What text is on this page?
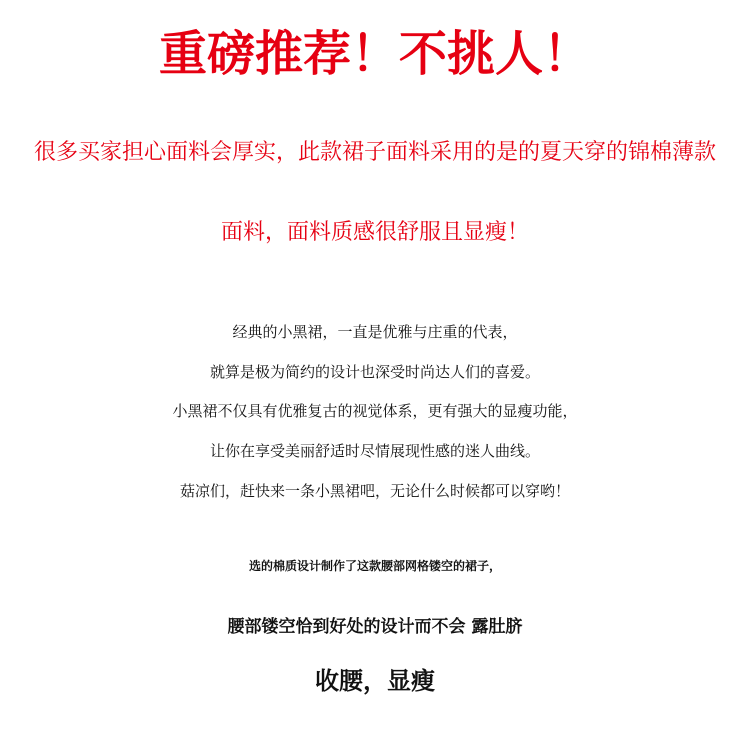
重磅推荐！不挑人！

很多买家担心面料会厚实，此款裙子面料采用的是的夏天穿的锦棉薄款

面料，面料质感很舒服且显瘦！

经典的小黑裙，一直是优雅与庄重的代表，

就算是极为简约的设计也深受时尚达人们的喜爱。

小黑裙不仅具有优雅复古的视觉体系，更有强大的显瘦功能，

让你在享受美丽舒适时尽情展现性感的迷人曲线。

菇凉们，赶快来一条小黑裙吧，无论什么时候都可以穿哟！

选的棉质设计制作了这款腰部网格镂空的裙子，

腰部镂空恰到好处的设计而不会 露肚脐

收腰，显瘦
